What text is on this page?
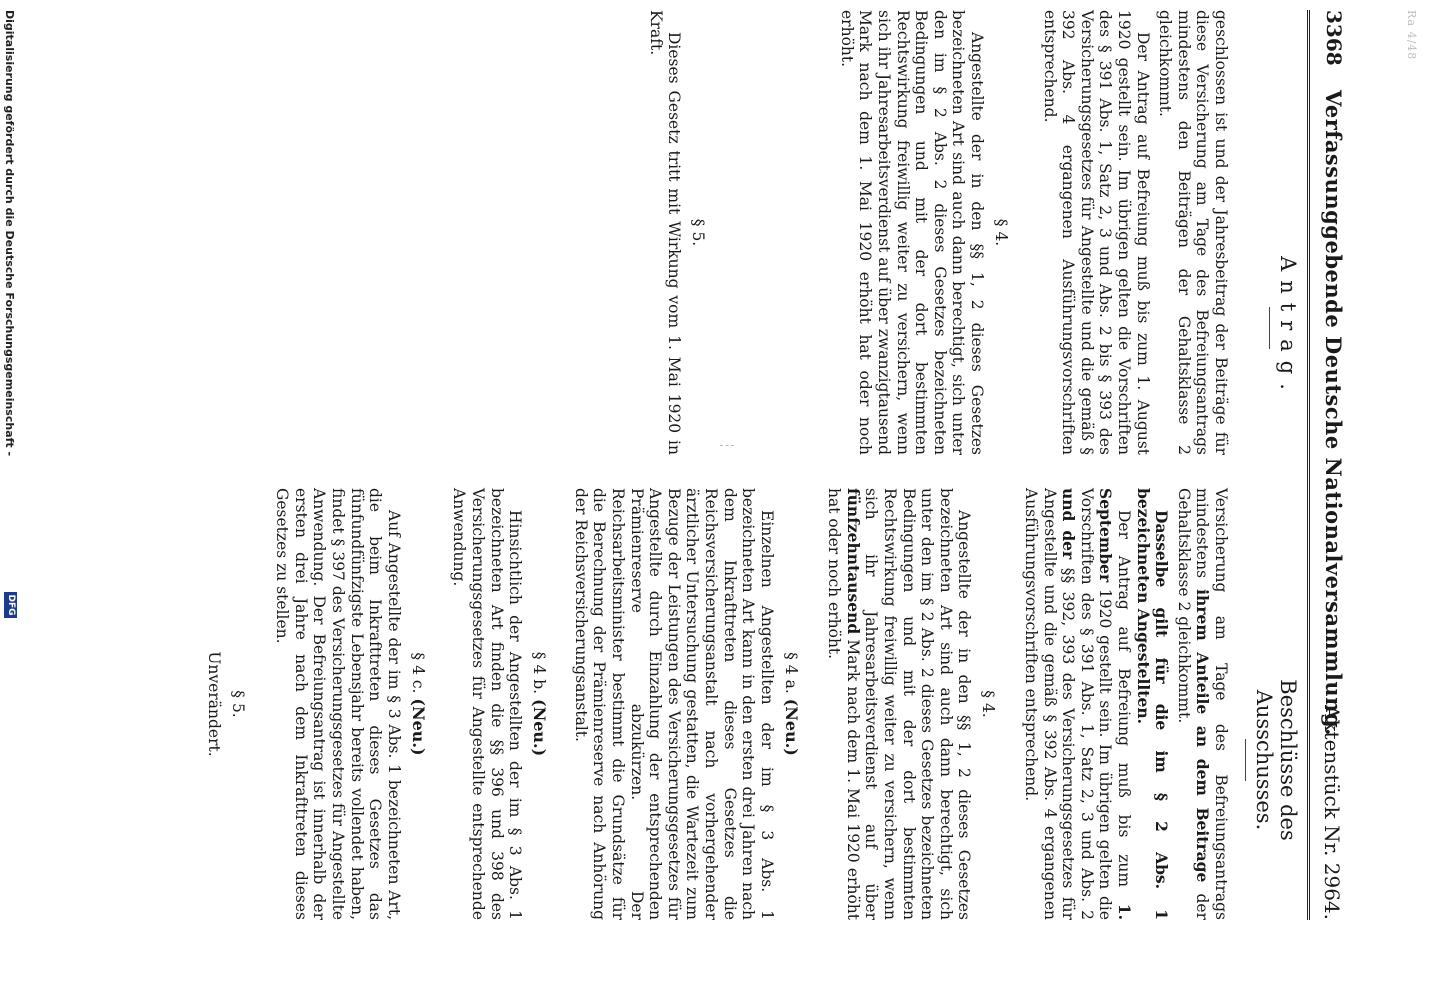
Ra 4/48
3368
Verfassunggebende Deutsche Nationalversammlung.
Aktenstück Nr. 2964.
Antrag.

geschlossen ist und der Jahresbeitrag der Beiträge für diese Versicherung am Tage des Befreiungsantrags mindestens den Beiträgen der Gehaltsklasse 2 gleichkommt.

Der Antrag auf Befreiung muß bis zum 1. August 1920 gestellt sein. Im übrigen gelten die Vorschriften des § 391 Abs. 1, Satz 2, 3 und Abs. 2 bis § 393 des Versicherungsgesetzes für Angestellte und die gemäß § 392 Abs. 4 ergangenen Ausführungsvorschriften entsprechend.

§ 4.

Angestellte der in den §§ 1, 2 dieses Gesetzes bezeichneten Art sind auch dann berechtigt, sich unter den im § 2 Abs. 2 dieses Gesetzes bezeichneten Bedingungen und mit der dort bestimmten Rechtswirkung freiwillig weiter zu versichern, wenn sich ihr Jahresarbeitsverdienst auf über zwanzigtausend Mark nach dem 1. Mai 1920 erhöht hat oder noch erhöht.

§ 5.

Dieses Gesetz tritt mit Wirkung vom 1. Mai 1920 in Kraft.

Beschlüsse des Ausschusses.

Versicherung am Tage des Befreiungsantrags mindestens ihrem Anteile an dem Beitrage der Gehaltsklasse 2 gleichkommt.

Dasselbe gilt für die im § 2 Abs. 1 bezeichneten Angestellten.

Der Antrag auf Befreiung muß bis zum 1. September 1920 gestellt sein. Im übrigen gelten die Vorschriften des § 391 Abs. 1, Satz 2, 3 und Abs. 2 und der §§ 392, 393 des Versicherungsgesetzes für Angestellte und die gemäß § 392 Abs. 4 ergangenen Ausführungsvorschriften entsprechend.

§ 4.

Angestellte der in den §§ 1, 2 dieses Gesetzes bezeichneten Art sind auch dann berechtigt, sich unter den im § 2 Abs. 2 dieses Gesetzes bezeichneten Bedingungen und mit der dort bestimmten Rechtswirkung freiwillig weiter zu versichern, wenn sich ihr Jahresarbeitsverdienst auf über fünfzehntausend Mark nach dem 1. Mai 1920 erhöht hat oder noch erhöht.

§ 4 a. (Neu.)

Einzelnen Angestellten der im § 3 Abs. 1 bezeichneten Art kann in den ersten drei Jahren nach dem Inkrafttreten dieses Gesetzes die Reichsversicherungsanstalt nach vorhergehender ärztlicher Untersuchung gestatten, die Wartezeit zum Bezuge der Leistungen des Versicherungsgesetzes für Angestellte durch Einzahlung der entsprechenden Prämienreserve abzukürzen. Der Reichsarbeitsminister bestimmt die Grundsätze für die Berechnung der Prämienreserve nach Anhörung der Reichsversicherungsanstalt.

§ 4 b. (Neu.)

Hinsichtlich der Angestellten der im § 3 Abs. 1 bezeichneten Art finden die §§ 396 und 398 des Versicherungsgesetzes für Angestellte entsprechende Anwendung.

§ 4 c. (Neu.)

Auf Angestellte der im § 3 Abs. 1 bezeichneten Art, die beim Inkrafttreten dieses Gesetzes das fünfundfünfzigste Lebensjahr bereits vollendet haben, findet § 397 des Versicherungsgesetzes für Angestellte Anwendung. Der Befreiungsantrag ist innerhalb der ersten drei Jahre nach dem Inkrafttreten dieses Gesetzes zu stellen.

§ 5.

Unverändert.

Digitalisierung gefördert durch die Deutsche Forschungsgemeinschaft -
DFG
